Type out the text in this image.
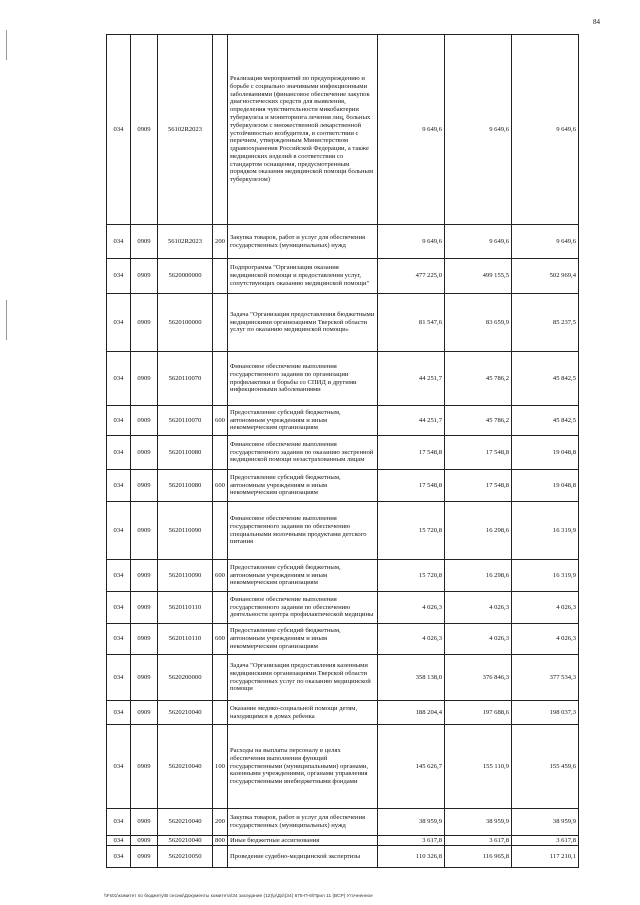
84
034	0909	56102R2023		Реализация мероприятий по предупреждению и борьбе с социально значимыми инфекционными заболеваниями (финансовое обеспечение закупок диагностических средств для выявления, определения чувствительности микобактерии туберкулеза и мониторинга лечения лиц, больных туберкулезом с множественной лекарственной устойчивостью возбудителя, в соответствии с перечнем, утвержденным Министерством здравоохранения Российской Федерации, а также медицинских изделий в соответствии со стандартом оснащения, предусмотренным порядком оказания медицинской помощи больным туберкулезом)	9 649,6	9 649,6	9 649,6
034	0909	56102R2023	200	Закупка товаров, работ и услуг для обеспечения государственных (муниципальных) нужд	9 649,6	9 649,6	9 649,6
034	0909	5620000000		Подпрограмма "Организация оказания медицинской помощи и предоставления услуг, сопутствующих оказанию медицинской помощи"	477 225,0	499 155,5	502 969,4
034	0909	5620100000		Задача "Организация предоставления бюджетными медицинскими организациями Тверской области услуг по оказанию медицинской помощи»	81 547,6	83 659,9	85 237,5
034	0909	5620110070		Финансовое обеспечение выполнения государственного задания по организации профилактики и борьбы со СПИД и другими инфекционными заболеваниями	44 251,7	45 786,2	45 842,5
034	0909	5620110070	600	Предоставление субсидий бюджетным, автономным учреждениям и иным некоммерческим организациям	44 251,7	45 786,2	45 842,5
034	0909	5620110080		Финансовое обеспечение выполнения государственного задания по оказанию экстренной медицинской помощи незастрахованным лицам	17 548,8	17 548,8	19 048,8
034	0909	5620110080	600	Предоставление субсидий бюджетным, автономным учреждениям и иным некоммерческим организациям	17 548,8	17 548,8	19 048,8
034	0909	5620110090		Финансовое обеспечение выполнения государственного задания по обеспечению специальными молочными продуктами детского питания	15 720,8	16 298,6	16 319,9
034	0909	5620110090	600	Предоставление субсидий бюджетным, автономным учреждениям и иным некоммерческим организациям	15 720,8	16 298,6	16 319,9
034	0909	5620110110		Финансовое обеспечение выполнения государственного задания по обеспечению деятельности центра профилактической медицины	4 026,3	4 026,3	4 026,3
034	0909	5620110110	600	Предоставление субсидий бюджетным, автономным учреждениям и иным некоммерческим организациям	4 026,3	4 026,3	4 026,3
034	0909	5620200000		Задача "Организация предоставления казенными медицинскими организациями Тверской области государственных услуг по оказанию медицинской помощи	358 138,0	376 846,3	377 534,3
034	0909	5620210040		Оказание медико-социальной помощи детям, находящимся в домах ребенка	188 204,4	197 688,6	198 037,3
034	0909	5620210040	100	Расходы на выплаты персоналу в целях обеспечения выполнения функций государственными (муниципальными) органами, казенными учреждениями, органами управления государственными внебюджетными фондами	145 626,7	155 110,9	155 459,6
034	0909	5620210040	200	Закупка товаров, работ и услуг для обеспечения государственных (муниципальных) нужд	38 959,9	38 959,9	38 959,9
034	0909	5620210040	800	Иные бюджетные ассигнования	3 617,8	3 617,8	3 617,8
034	0909	5620210050		Проведение судебно-медицинской экспертизы	110 326,8	116 965,8	117 210,1
\\Fs01\комитет по бюджету\В сесию\Документы комитета\34 заседание (12)\ρ\Дο\(34) 675-П-6\Прил 11 (ВСР) Уточненное
